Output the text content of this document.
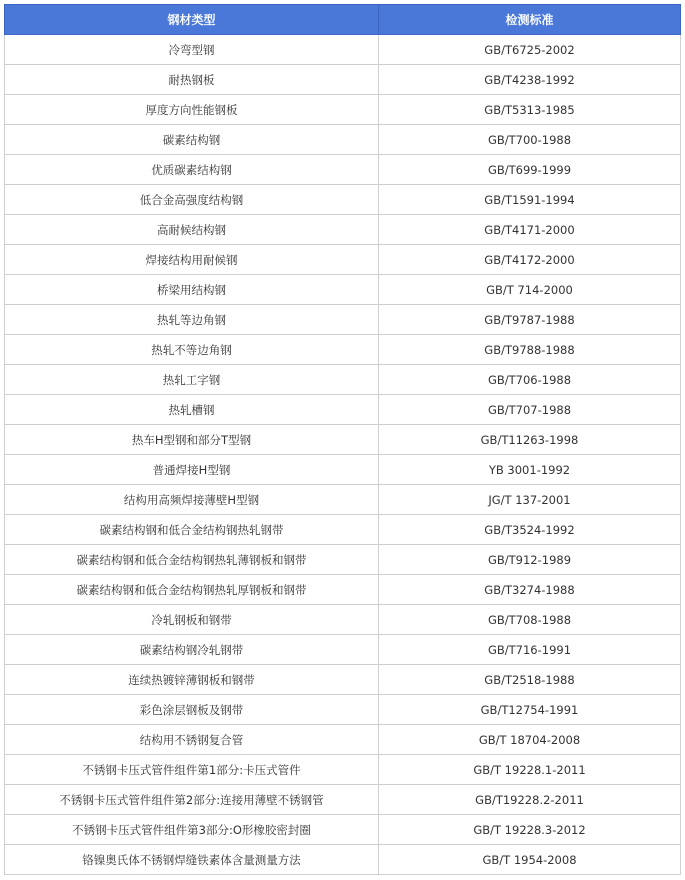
钢材类型	检测标准
冷弯型钢	GB/T6725-2002
耐热钢板	GB/T4238-1992
厚度方向性能钢板	GB/T5313-1985
碳素结构钢	GB/T700-1988
优质碳素结构钢	GB/T699-1999
低合金高强度结构钢	GB/T1591-1994
高耐候结构钢	GB/T4171-2000
焊接结构用耐候钢	GB/T4172-2000
桥梁用结构钢	GB/T 714-2000
热轧等边角钢	GB/T9787-1988
热轧不等边角钢	GB/T9788-1988
热轧工字钢	GB/T706-1988
热轧槽钢	GB/T707-1988
热车H型钢和部分T型钢	GB/T11263-1998
普通焊接H型钢	YB 3001-1992
结构用高频焊接薄壁H型钢	JG/T 137-2001
碳素结构钢和低合金结构钢热轧钢带	GB/T3524-1992
碳素结构钢和低合金结构钢热轧薄钢板和钢带	GB/T912-1989
碳素结构钢和低合金结构钢热轧厚钢板和钢带	GB/T3274-1988
冷轧钢板和钢带	GB/T708-1988
碳素结构钢冷轧钢带	GB/T716-1991
连续热镀锌薄钢板和钢带	GB/T2518-1988
彩色涂层钢板及钢带	GB/T12754-1991
结构用不锈钢复合管	GB/T 18704-2008
不锈钢卡压式管件组件第1部分:卡压式管件	GB/T 19228.1-2011
不锈钢卡压式管件组件第2部分:连接用薄壁不锈钢管	GB/T19228.2-2011
不锈钢卡压式管件组件第3部分:O形橡胶密封圈	GB/T 19228.3-2012
铬镍奥氏体不锈钢焊缝铁素体含量测量方法	GB/T 1954-2008
